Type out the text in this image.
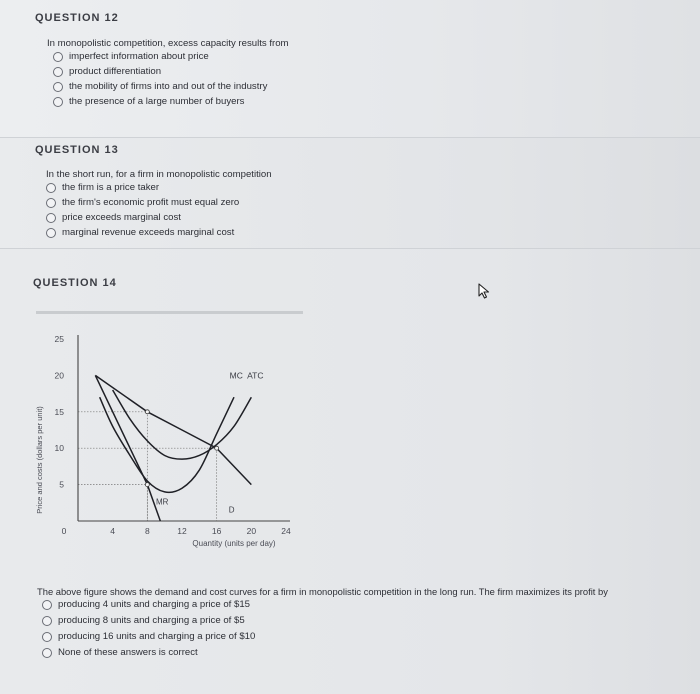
QUESTION 12
In monopolistic competition, excess capacity results from
imperfect information about price
product differentiation
the mobility of firms into and out of the industry
the presence of a large number of buyers
QUESTION 13
In the short run, for a firm in monopolistic competition
the firm is a price taker
the firm's economic profit must equal zero
price exceeds marginal cost
marginal revenue exceeds marginal cost
QUESTION 14
5
10
15
20
25
0	4	8	12	16	20	24
Price and costs (dollars per unit)
Quantity (units per day)
MC  ATC
MR
D
The above figure shows the demand and cost curves for a firm in monopolistic competition in the long run. The firm maximizes its profit by
producing 4 units and charging a price of $15
producing 8 units and charging a price of $5
producing 16 units and charging a price of $10
None of these answers is correct
